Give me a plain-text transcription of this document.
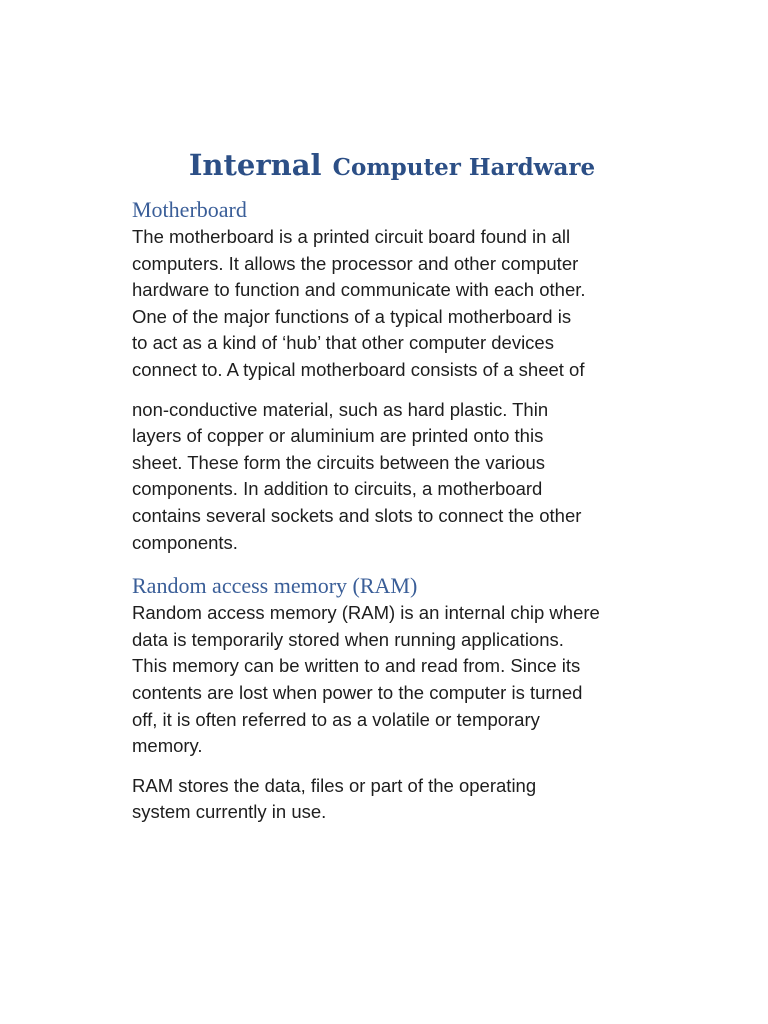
Internal Computer Hardware
Motherboard

The motherboard is a printed circuit board found in all
computers. It allows the processor and other computer
hardware to function and communicate with each other.
One of the major functions of a typical motherboard is
to act as a kind of ‘hub’ that other computer devices
connect to. A typical motherboard consists of a sheet of

non-conductive material, such as hard plastic. Thin
layers of copper or aluminium are printed onto this
sheet. These form the circuits between the various
components. In addition to circuits, a motherboard
contains several sockets and slots to connect the other
components.

Random access memory (RAM)

Random access memory (RAM) is an internal chip where
data is temporarily stored when running applications.
This memory can be written to and read from. Since its
contents are lost when power to the computer is turned
off, it is often referred to as a volatile or temporary
memory.

RAM stores the data, files or part of the operating
system currently in use.
